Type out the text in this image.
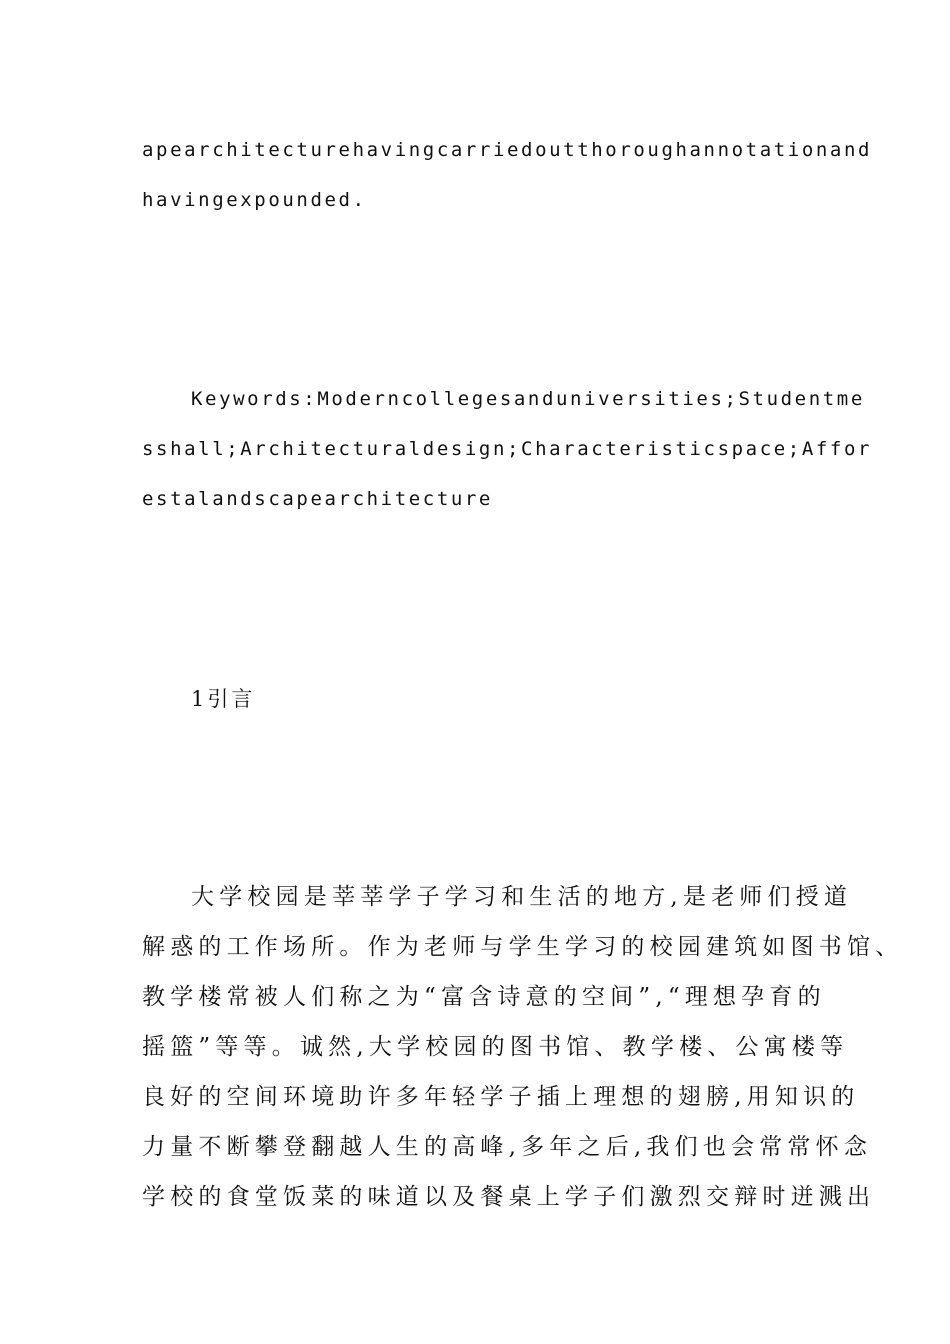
apearchitecturehavingcarriedoutthoroughannotationand
havingexpounded.
Keywords:Moderncollegesanduniversities;Studentme
sshall;Architecturaldesign;Characteristicspace;Affor
estalandscapearchitecture
1引言
大学校园是莘莘学子学习和生活的地方,是老师们授道
解惑的工作场所。作为老师与学生学习的校园建筑如图书馆、
教学楼常被人们称之为“富含诗意的空间”,“理想孕育的
摇篮”等等。诚然,大学校园的图书馆、教学楼、公寓楼等
良好的空间环境助许多年轻学子插上理想的翅膀,用知识的
力量不断攀登翻越人生的高峰,多年之后,我们也会常常怀念
学校的食堂饭菜的味道以及餐桌上学子们激烈交辩时迸溅出
